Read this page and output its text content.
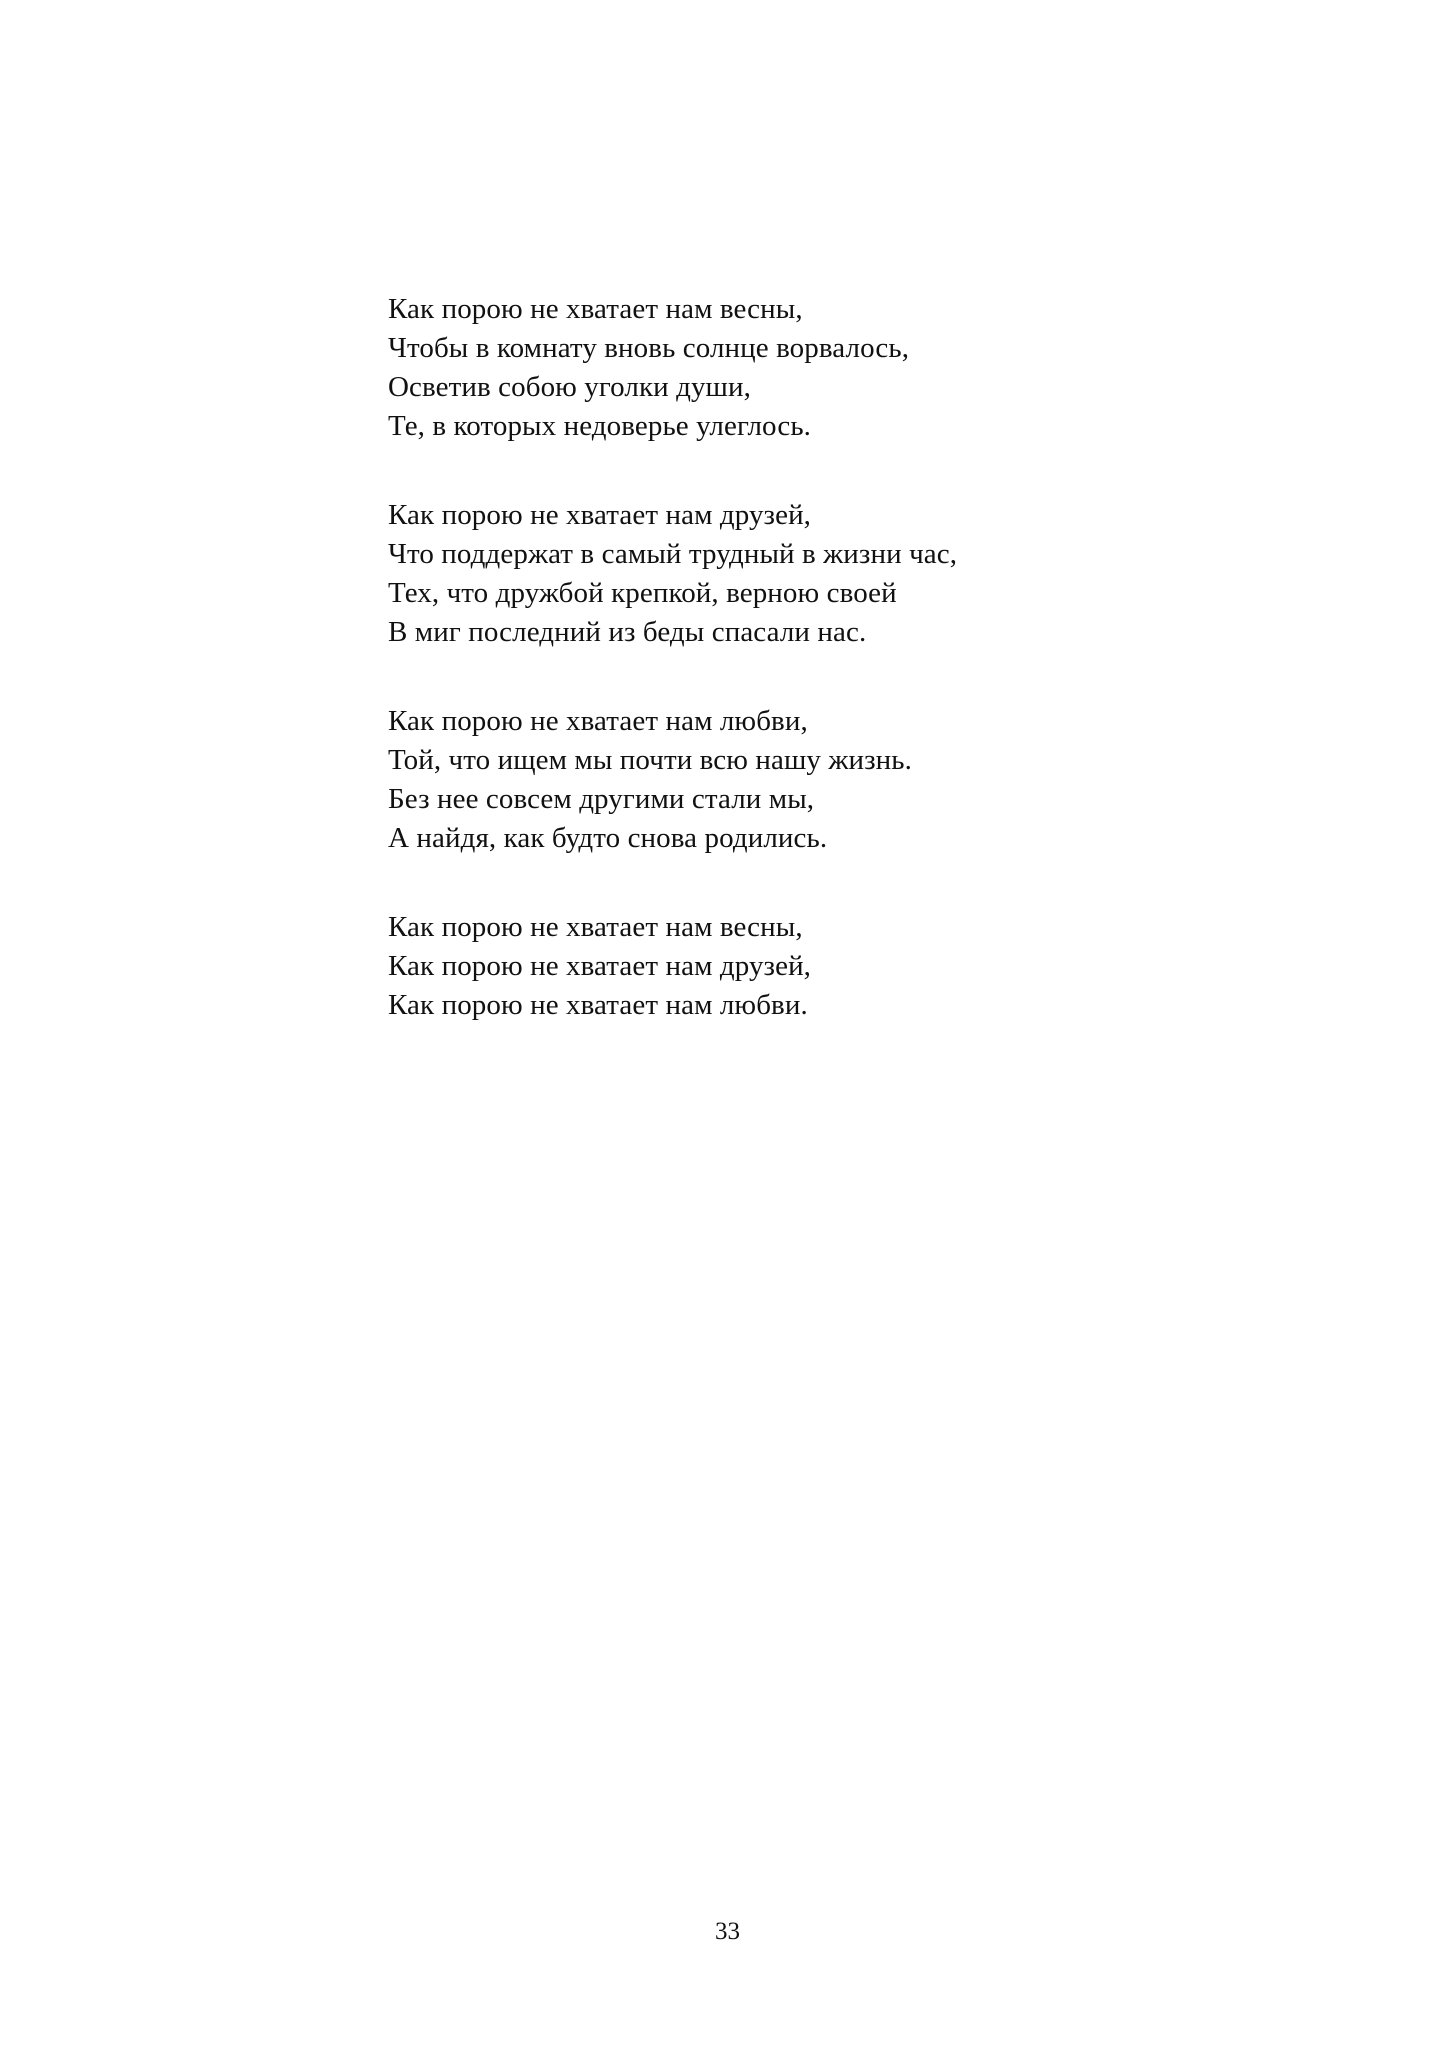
Как порою не хватает нам весны,
Чтобы в комнату вновь солнце ворвалось,
Осветив собою уголки души,
Те, в которых недоверье улеглось.
Как порою не хватает нам друзей,
Что поддержат в самый трудный в жизни час,
Тех, что дружбой крепкой, верною своей
В миг последний из беды спасали нас.
Как порою не хватает нам любви,
Той, что ищем мы почти всю нашу жизнь.
Без нее совсем другими стали мы,
А найдя, как будто снова родились.
Как порою не хватает нам весны,
Как порою не хватает нам друзей,
Как порою не хватает нам любви.
33
